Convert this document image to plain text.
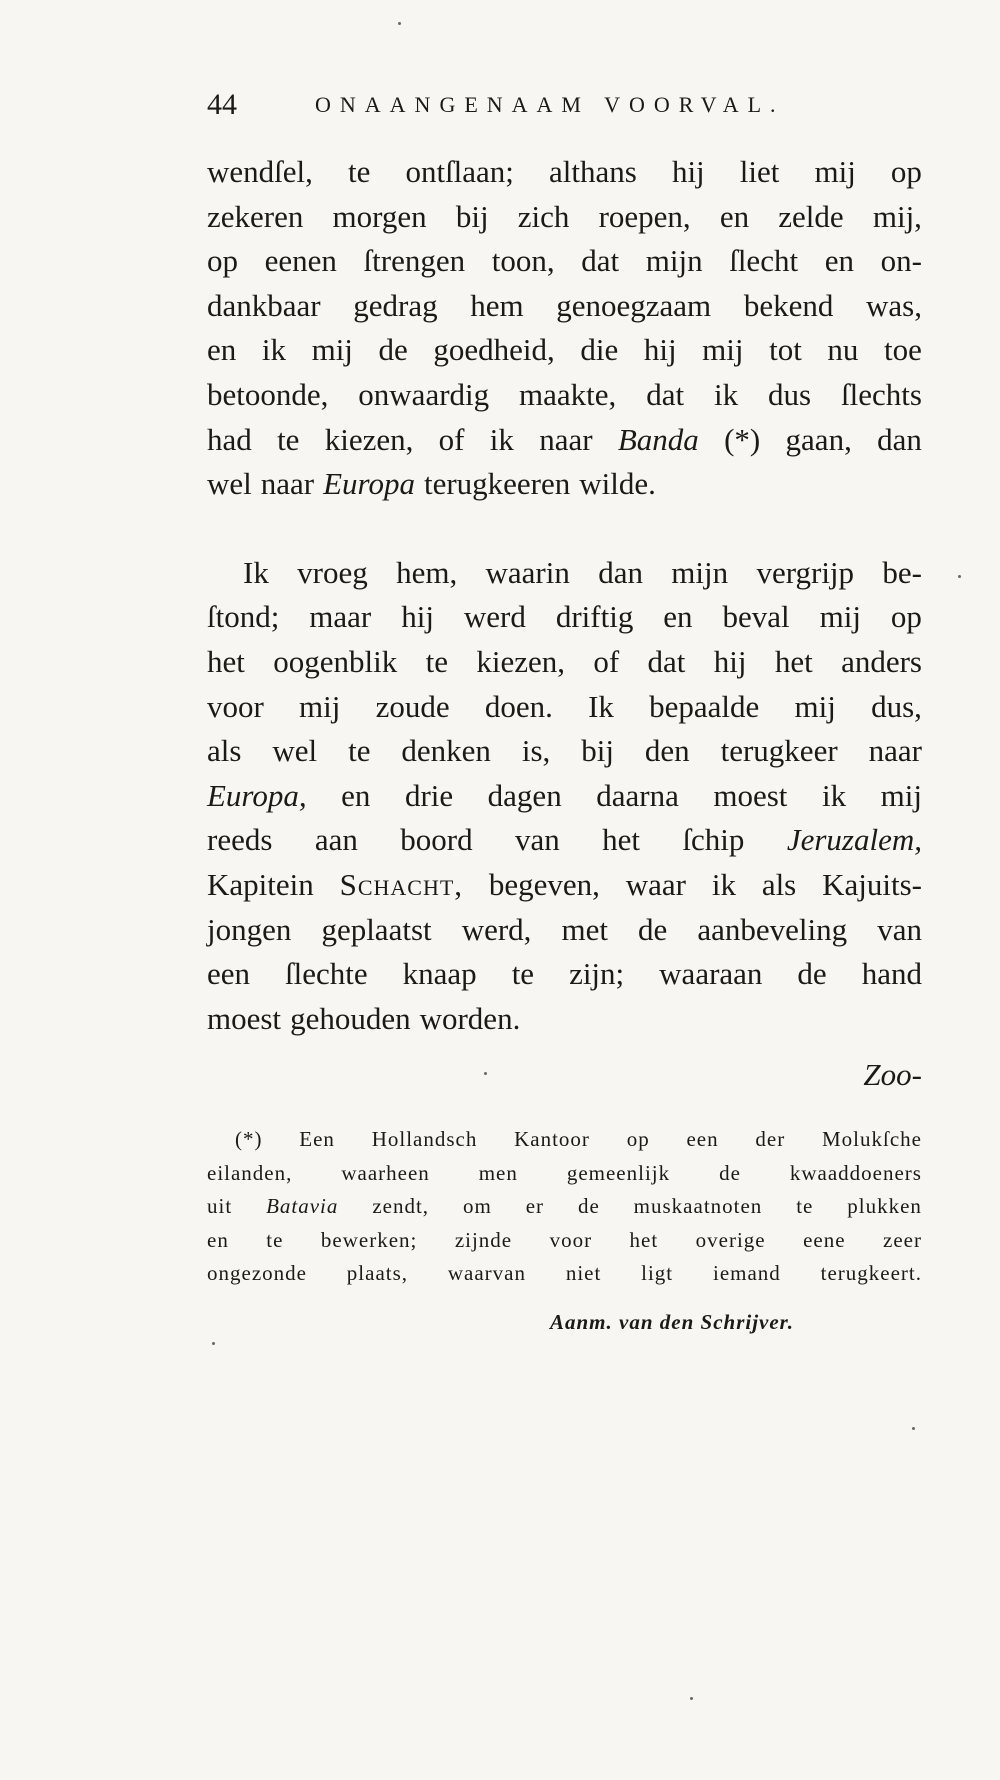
44	ONAANGENAAM VOORVAL.
wendſel, te ontſlaan; althans hij liet mij op
zekeren morgen bij zich roepen, en zelde mij,
op eenen ſtrengen toon, dat mijn ſlecht en on-
dankbaar gedrag hem genoegzaam bekend was,
en ik mij de goedheid, die hij mij tot nu toe
betoonde, onwaardig maakte, dat ik dus ſlechts
had te kiezen, of ik naar Banda (*) gaan, dan
wel naar Europa terugkeeren wilde.
Ik vroeg hem, waarin dan mijn vergrijp be-
ſtond; maar hij werd driftig en beval mij op
het oogenblik te kiezen, of dat hij het anders
voor mij zoude doen. Ik bepaalde mij dus,
als wel te denken is, bij den terugkeer naar
Europa, en drie dagen daarna moest ik mij
reeds aan boord van het ſchip Jeruzalem,
Kapitein Schacht, begeven, waar ik als Kajuits-
jongen geplaatst werd, met de aanbeveling van
een ſlechte knaap te zijn; waaraan de hand
moest gehouden worden.
Zoo-
(*) Een Hollandsch Kantoor op een der Molukſche
eilanden, waarheen men gemeenlijk de kwaaddoeners
uit Batavia zendt, om er de muskaatnoten te plukken
en te bewerken; zijnde voor het overige eene zeer
ongezonde plaats, waarvan niet ligt iemand terugkeert.
Aanm. van den Schrijver.
